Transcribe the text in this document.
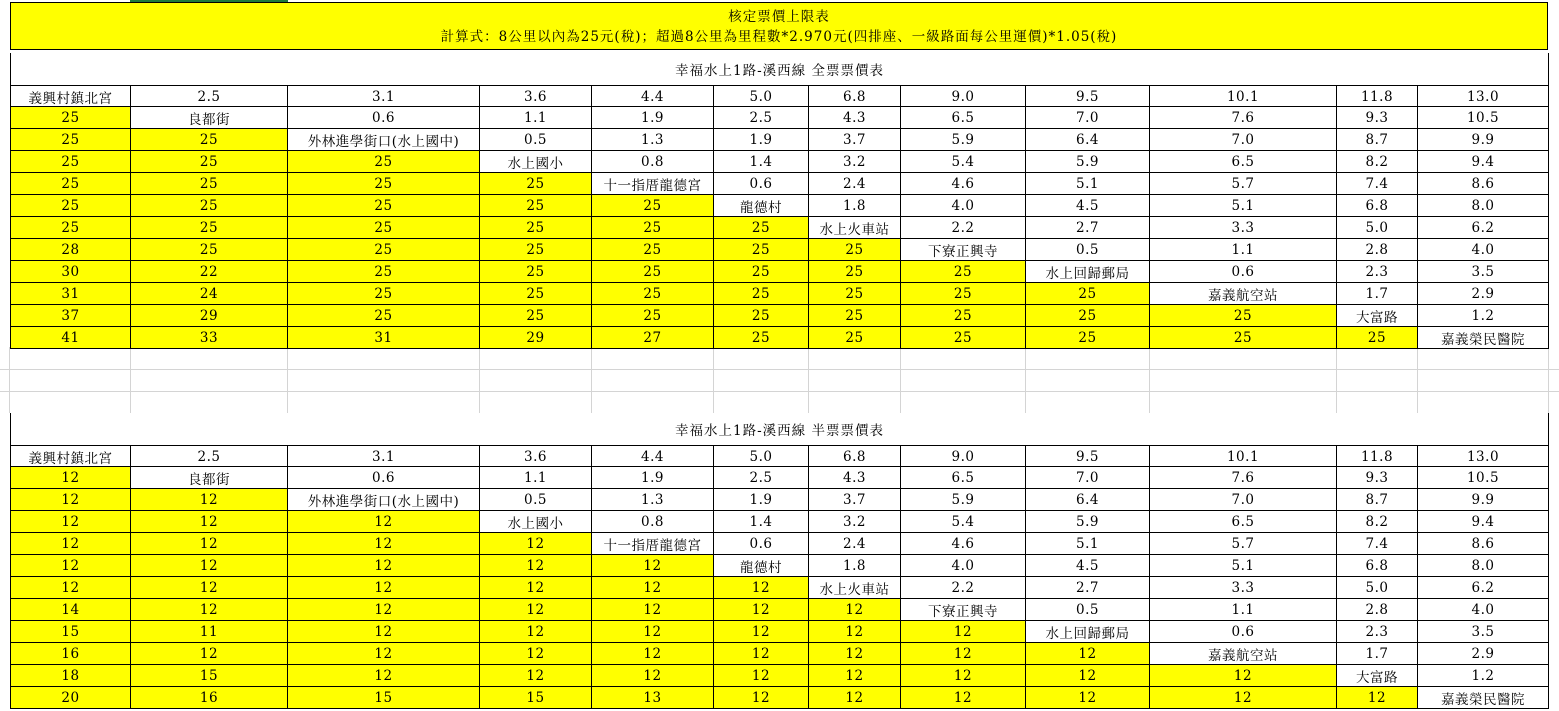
核定票價上限表
計算式：8公里以內為25元(稅)；超過8公里為里程數*2.970元(四排座、一級路面每公里運價)*1.05(稅)
幸福水上1路-溪西線 全票票價表
義興村鎮北宮	2.5	3.1	3.6	4.4	5.0	6.8	9.0	9.5	10.1	11.8	13.0
25	良都街	0.6	1.1	1.9	2.5	4.3	6.5	7.0	7.6	9.3	10.5
25	25	外林進學街口(水上國中)	0.5	1.3	1.9	3.7	5.9	6.4	7.0	8.7	9.9
25	25	25	水上國小	0.8	1.4	3.2	5.4	5.9	6.5	8.2	9.4
25	25	25	25	十一指厝龍德宮	0.6	2.4	4.6	5.1	5.7	7.4	8.6
25	25	25	25	25	龍德村	1.8	4.0	4.5	5.1	6.8	8.0
25	25	25	25	25	25	水上火車站	2.2	2.7	3.3	5.0	6.2
28	25	25	25	25	25	25	下寮正興寺	0.5	1.1	2.8	4.0
30	22	25	25	25	25	25	25	水上回歸郵局	0.6	2.3	3.5
31	24	25	25	25	25	25	25	25	嘉義航空站	1.7	2.9
37	29	25	25	25	25	25	25	25	25	大富路	1.2
41	33	31	29	27	25	25	25	25	25	25	嘉義榮民醫院
幸福水上1路-溪西線 半票票價表
義興村鎮北宮	2.5	3.1	3.6	4.4	5.0	6.8	9.0	9.5	10.1	11.8	13.0
12	良都街	0.6	1.1	1.9	2.5	4.3	6.5	7.0	7.6	9.3	10.5
12	12	外林進學街口(水上國中)	0.5	1.3	1.9	3.7	5.9	6.4	7.0	8.7	9.9
12	12	12	水上國小	0.8	1.4	3.2	5.4	5.9	6.5	8.2	9.4
12	12	12	12	十一指厝龍德宮	0.6	2.4	4.6	5.1	5.7	7.4	8.6
12	12	12	12	12	龍德村	1.8	4.0	4.5	5.1	6.8	8.0
12	12	12	12	12	12	水上火車站	2.2	2.7	3.3	5.0	6.2
14	12	12	12	12	12	12	下寮正興寺	0.5	1.1	2.8	4.0
15	11	12	12	12	12	12	12	水上回歸郵局	0.6	2.3	3.5
16	12	12	12	12	12	12	12	12	嘉義航空站	1.7	2.9
18	15	12	12	12	12	12	12	12	12	大富路	1.2
20	16	15	15	13	12	12	12	12	12	12	嘉義榮民醫院
